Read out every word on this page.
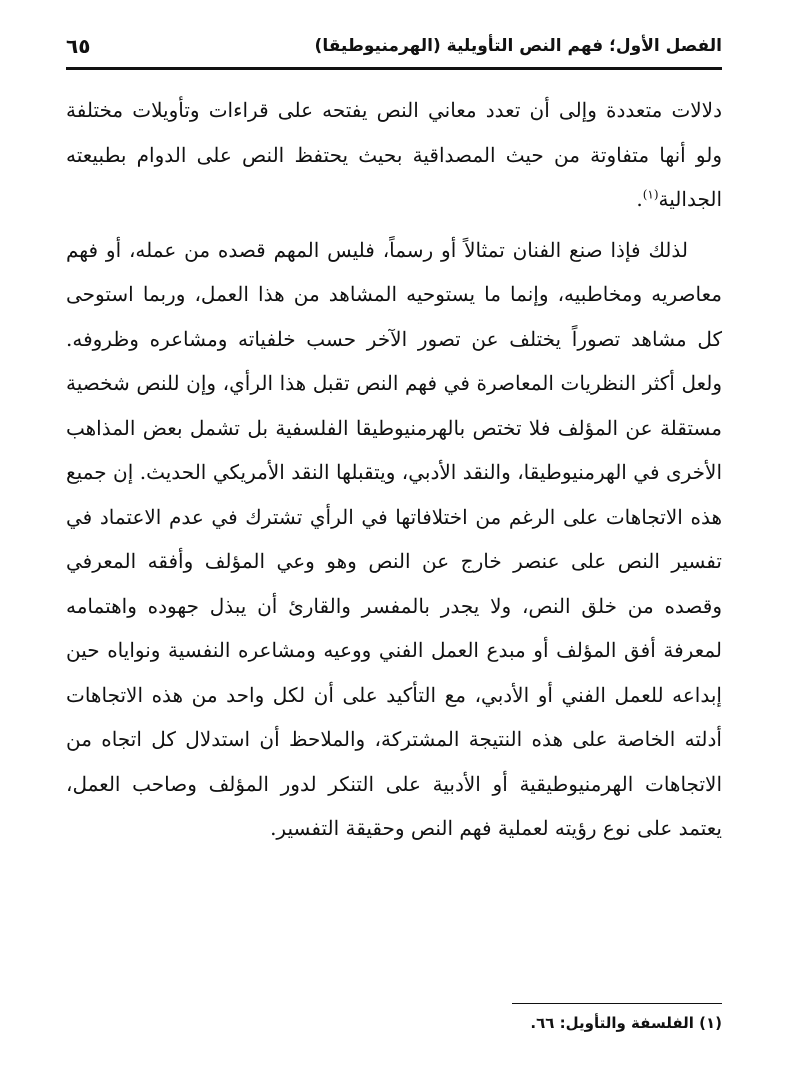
الفصل الأول؛ فهم النص التأويلية (الهرمنيوطيقا)
٦٥

دلالات متعددة وإلى أن تعدد معاني النص يفتحه على قراءات وتأويلات مختلفة ولو أنها متفاوتة من حيث المصداقية بحيث يحتفظ النص على الدوام بطبيعته الجدالية$^{(١)}$.

لذلك فإذا صنع الفنان تمثالاً أو رسماً، فليس المهم قصده من عمله، أو فهم معاصريه ومخاطبيه، وإنما ما يستوحيه المشاهد من هذا العمل، وربما استوحى كل مشاهد تصوراً يختلف عن تصور الآخر حسب خلفياته ومشاعره وظروفه. ولعل أكثر النظريات المعاصرة في فهم النص تقبل هذا الرأي، وإن للنص شخصية مستقلة عن المؤلف فلا تختص بالهرمنيوطيقا الفلسفية بل تشمل بعض المذاهب الأخرى في الهرمنيوطيقا، والنقد الأدبي، ويتقبلها النقد الأمريكي الحديث. إن جميع هذه الاتجاهات على الرغم من اختلافاتها في الرأي تشترك في عدم الاعتماد في تفسير النص على عنصر خارج عن النص وهو وعي المؤلف وأفقه المعرفي وقصده من خلق النص، ولا يجدر بالمفسر والقارئ أن يبذل جهوده واهتمامه لمعرفة أفق المؤلف أو مبدع العمل الفني ووعيه ومشاعره النفسية ونواياه حين إبداعه للعمل الفني أو الأدبي، مع التأكيد على أن لكل واحد من هذه الاتجاهات أدلته الخاصة على هذه النتيجة المشتركة، والملاحظ أن استدلال كل اتجاه من الاتجاهات الهرمنيوطيقية أو الأدبية على التنكر لدور المؤلف وصاحب العمل، يعتمد على نوع رؤيته لعملية فهم النص وحقيقة التفسير.

(١) الفلسفة والتأويل: ٦٦.
